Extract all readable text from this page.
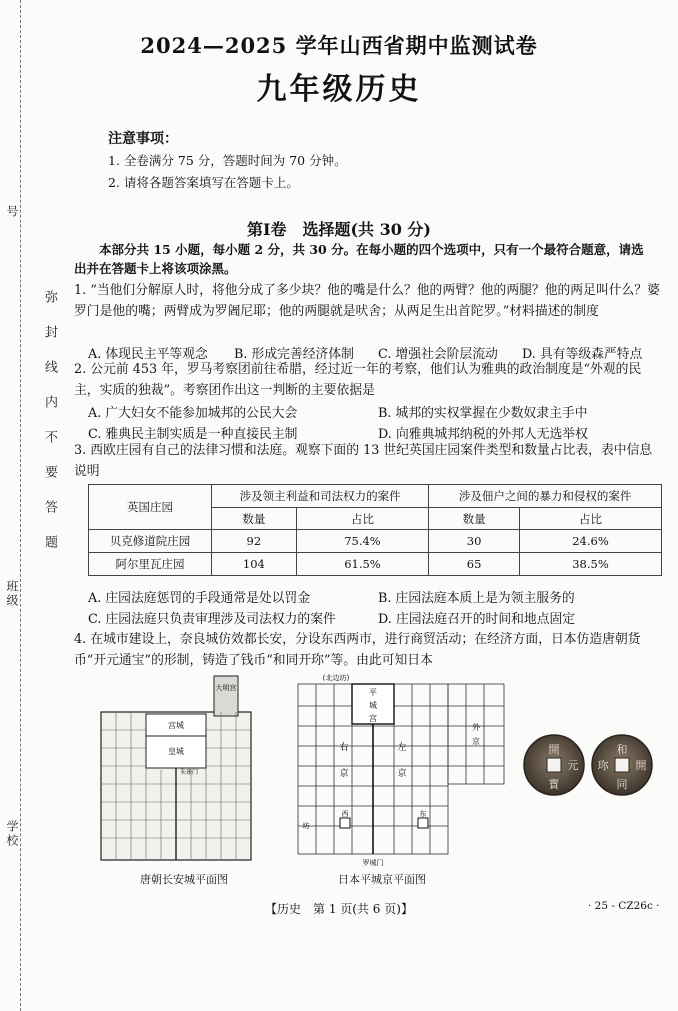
号
班级
学校
弥封线内不要答题
2024—2025 学年山西省期中监测试卷
九年级历史
注意事项：
1. 全卷满分 75 分，答题时间为 70 分钟。
2. 请将各题答案填写在答题卡上。
第Ⅰ卷　选择题(共 30 分)
本部分共 15 小题，每小题 2 分，共 30 分。在每小题的四个选项中，只有一个最符合题意，请选出并在答题卡上将该项涂黑。
1. “当他们分解原人时，将他分成了多少块？他的嘴是什么？他的两臂？他的两腿？他的两足叫什么？婆罗门是他的嘴；两臂成为罗阇尼耶；他的两腿就是吠舍；从两足生出首陀罗。”材料描述的制度
A. 体现民主平等观念 B. 形成完善经济体制 C. 增强社会阶层流动 D. 具有等级森严特点
2. 公元前 453 年，罗马考察团前往希腊，经过近一年的考察，他们认为雅典的政治制度是“外观的民主，实质的独裁”。考察团作出这一判断的主要依据是
A. 广大妇女不能参加城邦的公民大会	B. 城邦的实权掌握在少数奴隶主手中
C. 雅典民主制实质是一种直接民主制	D. 向雅典城邦纳税的外邦人无选举权
3. 西欧庄园有自己的法律习惯和法庭。观察下面的 13 世纪英国庄园案件类型和数量占比表，表中信息说明
英国庄园	涉及领主利益和司法权力的案件		涉及佃户之间的暴力和侵权的案件	
	数量	占比	数量	占比
贝克修道院庄园	92	75.4%	30	24.6%
阿尔里瓦庄园	104	61.5%	65	38.5%
A. 庄园法庭惩罚的手段通常是处以罚金	B. 庄园法庭本质上是为领主服务的
C. 庄园法庭只负责审理涉及司法权力的案件	D. 庄园法庭召开的时间和地点固定
4. 在城市建设上，奈良城仿效都长安，分设东西两市，进行商贸活动；在经济方面，日本仿造唐朝货币“开元通宝”的形制，铸造了钱币“和同开珎”等。由此可知日本
大明宫
宫城
皇城
朱雀门
唐朝长安城平面图
(北边坊)
平
城
宫
右
京
左
京
外
京
坊
西	东
罗城门
日本平城京平面图
開
寳
元
和
同
開
珎
【历史　第 1 页(共 6 页)】	· 25 - CZ26c ·
